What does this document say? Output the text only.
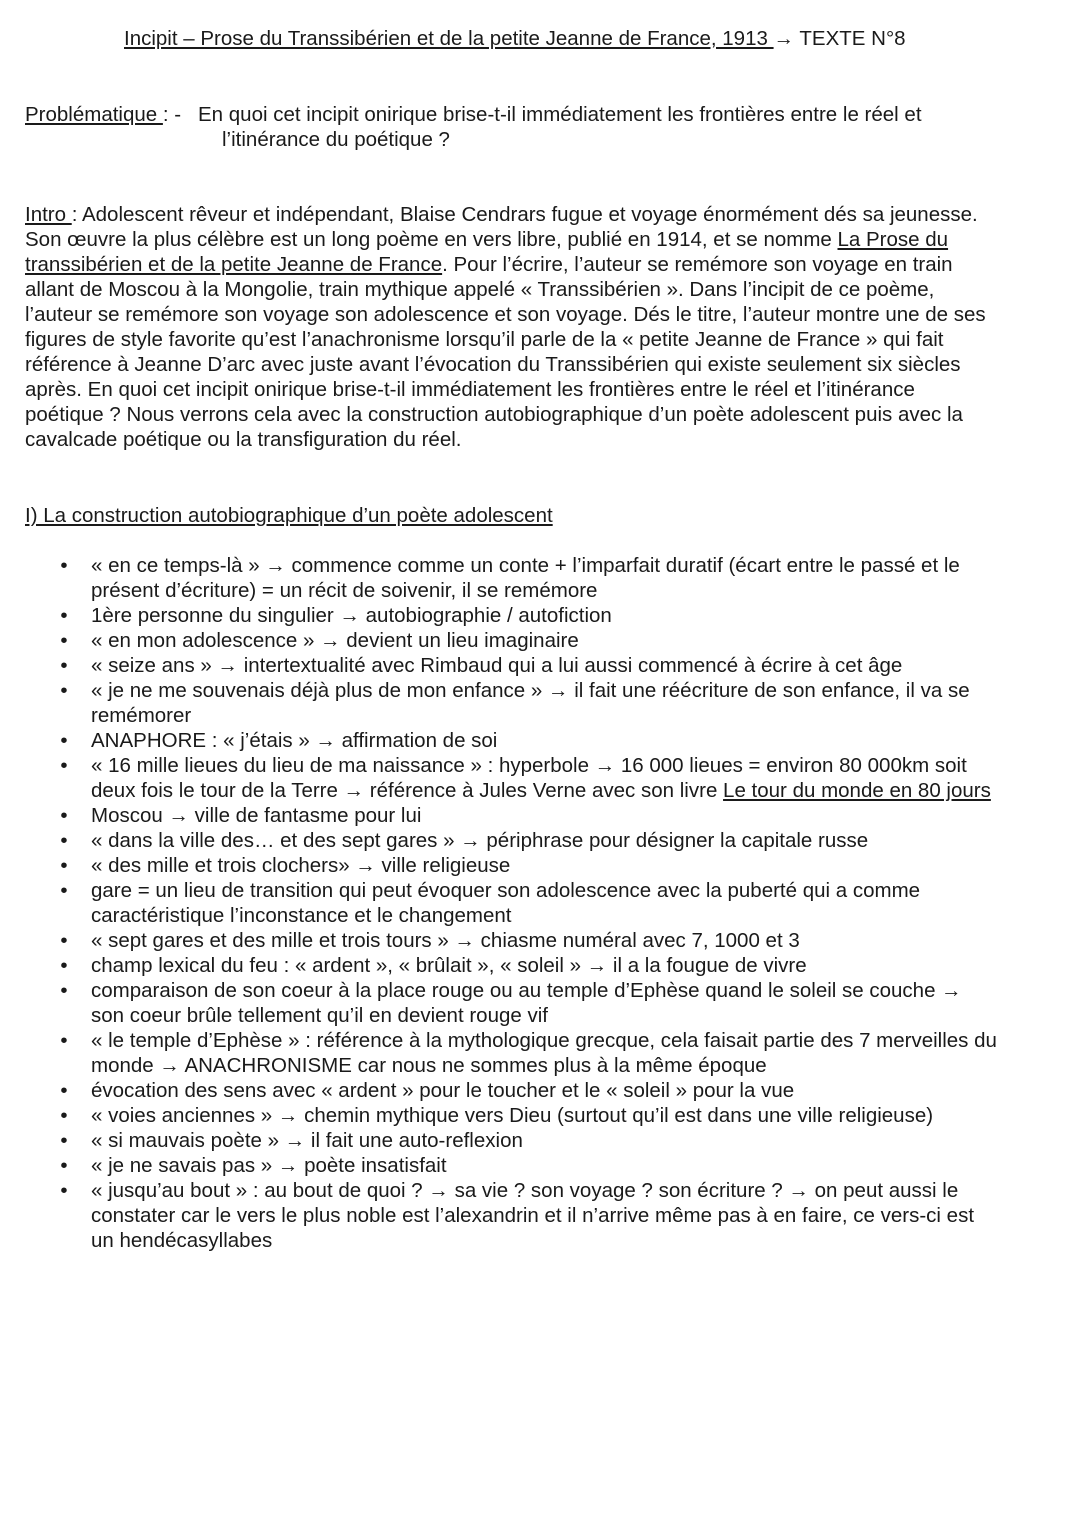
Incipit – Prose du Transsibérien et de la petite Jeanne de France, 1913 → TEXTE N°8
Problématique : - En quoi cet incipit onirique brise-t-il immédiatement les frontières entre le réel et
l’itinérance du poétique ?
Intro : Adolescent rêveur et indépendant, Blaise Cendrars fugue et voyage énormément dés sa jeunesse.
Son œuvre la plus célèbre est un long poème en vers libre, publié en 1914, et se nomme La Prose du
transsibérien et de la petite Jeanne de France. Pour l’écrire, l’auteur se remémore son voyage en train
allant de Moscou à la Mongolie, train mythique appelé « Transsibérien ». Dans l’incipit de ce poème,
l’auteur se remémore son voyage son adolescence et son voyage. Dés le titre, l’auteur montre une de ses
figures de style favorite qu’est l’anachronisme lorsqu’il parle de la « petite Jeanne de France » qui fait
référence à Jeanne D’arc avec juste avant l’évocation du Transsibérien qui existe seulement six siècles
après. En quoi cet incipit onirique brise-t-il immédiatement les frontières entre le réel et l’itinérance
poétique ? Nous verrons cela avec la construction autobiographique d’un poète adolescent puis avec la
cavalcade poétique ou la transfiguration du réel.
I) La construction autobiographique d’un poète adolescent
• « en ce temps-là » → commence comme un conte + l’imparfait duratif (écart entre le passé et le
présent d’écriture) = un récit de soivenir, il se remémore
• 1ère personne du singulier → autobiographie / autofiction
• « en mon adolescence » → devient un lieu imaginaire
• « seize ans » → intertextualité avec Rimbaud qui a lui aussi commencé à écrire à cet âge
• « je ne me souvenais déjà plus de mon enfance » → il fait une réécriture de son enfance, il va se
remémorer
• ANAPHORE : « j’étais » → affirmation de soi
• « 16 mille lieues du lieu de ma naissance » : hyperbole → 16 000 lieues = environ 80 000km soit
deux fois le tour de la Terre → référence à Jules Verne avec son livre Le tour du monde en 80 jours
• Moscou → ville de fantasme pour lui
• « dans la ville des… et des sept gares » → périphrase pour désigner la capitale russe
• « des mille et trois clochers» → ville religieuse
• gare = un lieu de transition qui peut évoquer son adolescence avec la puberté qui a comme
caractéristique l’inconstance et le changement
• « sept gares et des mille et trois tours » → chiasme numéral avec 7, 1000 et 3
• champ lexical du feu : « ardent », « brûlait », « soleil » → il a la fougue de vivre
• comparaison de son coeur à la place rouge ou au temple d’Ephèse quand le soleil se couche →
son coeur brûle tellement qu’il en devient rouge vif
• « le temple d’Ephèse » : référence à la mythologique grecque, cela faisait partie des 7 merveilles du
monde → ANACHRONISME car nous ne sommes plus à la même époque
• évocation des sens avec « ardent » pour le toucher et le « soleil » pour la vue
• « voies anciennes » → chemin mythique vers Dieu (surtout qu’il est dans une ville religieuse)
• « si mauvais poète » → il fait une auto-reflexion
• « je ne savais pas » → poète insatisfait
• « jusqu’au bout » : au bout de quoi ? → sa vie ? son voyage ? son écriture ? → on peut aussi le
constater car le vers le plus noble est l’alexandrin et il n’arrive même pas à en faire, ce vers-ci est
un hendécasyllabes
